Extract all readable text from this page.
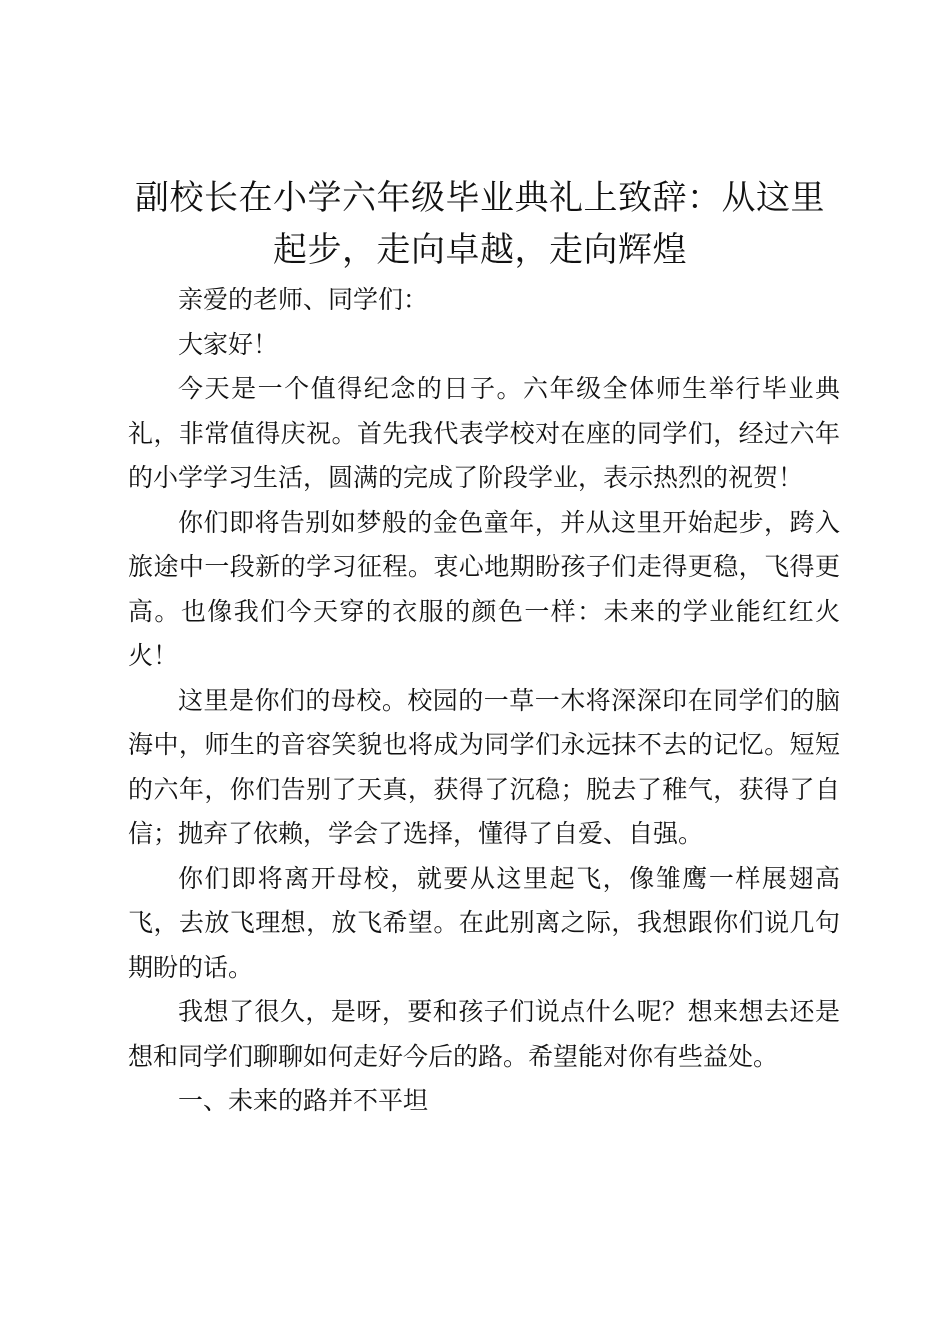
副校长在小学六年级毕业典礼上致辞：从这里起步，走向卓越，走向辉煌

亲爱的老师、同学们：

大家好！

今天是一个值得纪念的日子。六年级全体师生举行毕业典礼，非常值得庆祝。首先我代表学校对在座的同学们，经过六年的小学学习生活，圆满的完成了阶段学业，表示热烈的祝贺！

你们即将告别如梦般的金色童年，并从这里开始起步，跨入旅途中一段新的学习征程。衷心地期盼孩子们走得更稳，飞得更高。也像我们今天穿的衣服的颜色一样：未来的学业能红红火火！

这里是你们的母校。校园的一草一木将深深印在同学们的脑海中，师生的音容笑貌也将成为同学们永远抹不去的记忆。短短的六年，你们告别了天真，获得了沉稳；脱去了稚气，获得了自信；抛弃了依赖，学会了选择，懂得了自爱、自强。

你们即将离开母校，就要从这里起飞，像雏鹰一样展翅高飞，去放飞理想，放飞希望。在此别离之际，我想跟你们说几句期盼的话。

我想了很久，是呀，要和孩子们说点什么呢？想来想去还是想和同学们聊聊如何走好今后的路。希望能对你有些益处。

一、未来的路并不平坦
